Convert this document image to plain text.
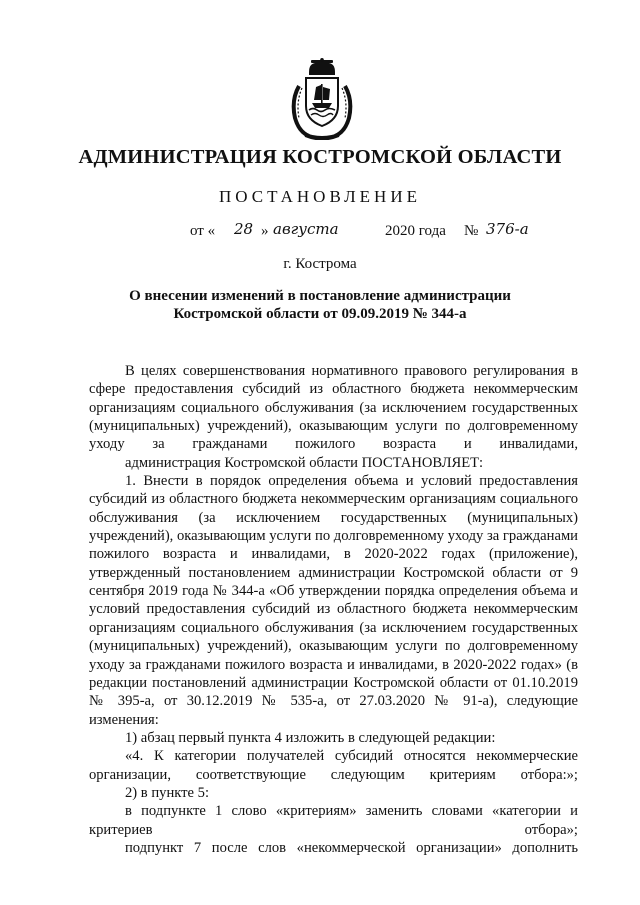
АДМИНИСТРАЦИЯ КОСТРОМСКОЙ ОБЛАСТИ
ПОСТАНОВЛЕНИЕ
от « 28 » августа	2020 года № 376-а
г. Кострома
О внесении изменений в постановление администрации
Костромской области от 09.09.2019 № 344-а

В целях совершенствования нормативного правового регулирования в сфере предоставления субсидий из областного бюджета некоммерческим организациям социального обслуживания (за исключением государственных (муниципальных) учреждений), оказывающим услуги по долговременному уходу за гражданами пожилого возраста и инвалидами,

администрация Костромской области ПОСТАНОВЛЯЕТ:

1. Внести в порядок определения объема и условий предоставления субсидий из областного бюджета некоммерческим организациям социального обслуживания (за исключением государственных (муниципальных) учреждений), оказывающим услуги по долговременному уходу за гражданами пожилого возраста и инвалидами, в 2020-2022 годах (приложение), утвержденный постановлением администрации Костромской области от 9 сентября 2019 года № 344-а «Об утверждении порядка определения объема и условий предоставления субсидий из областного бюджета некоммерческим организациям социального обслуживания (за исключением государственных (муниципальных) учреждений), оказывающим услуги по долговременному уходу за гражданами пожилого возраста и инвалидами, в 2020-2022 годах» (в редакции постановлений администрации Костромской области от 01.10.2019 № 395-а, от 30.12.2019 № 535-а, от 27.03.2020 № 91-а), следующие изменения:

1) абзац первый пункта 4 изложить в следующей редакции:

«4. К категории получателей субсидий относятся некоммерческие организации, соответствующие следующим критериям отбора:»;

2) в пункте 5:

в подпункте 1 слово «критериям» заменить словами «категории и критериев отбора»;

подпункт 7 после слов «некоммерческой организации» дополнить
